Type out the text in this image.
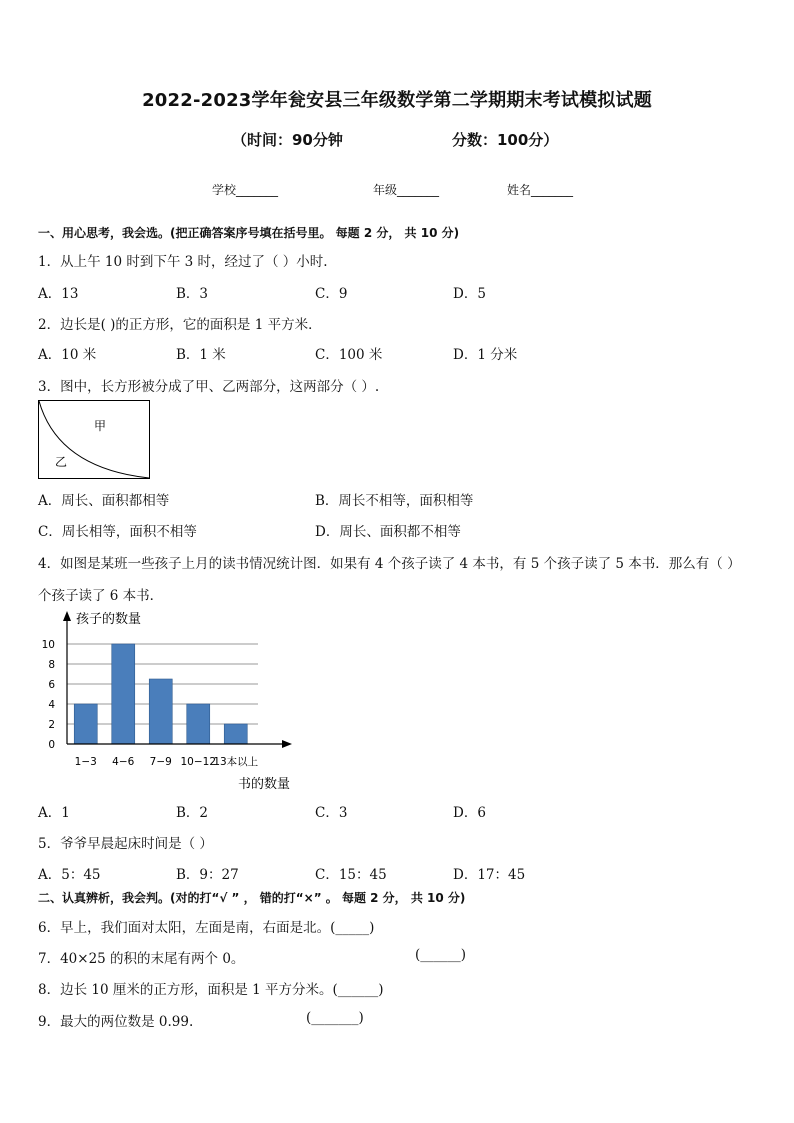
2022-2023学年瓮安县三年级数学第二学期期末考试模拟试题
（时间：90分钟	分数：100分）
学校_______	年级_______	姓名_______
一、用心思考，我会选。(把正确答案序号填在括号里。 每题 2 分， 共 10 分)
1．从上午 10 时到下午 3 时，经过了（ ）小时.
A．13	B．3	C．9	D．5
2．边长是( )的正方形，它的面积是 1 平方米．
A．10 米	B．1 米	C．100 米	D．1 分米
3．图中，长方形被分成了甲、乙两部分，这两部分（ ）.
甲
乙
A．周长、面积都相等	B．周长不相等，面积相等
C．周长相等，面积不相等	D．周长、面积都不相等
4．如图是某班一些孩子上月的读书情况统计图．如果有 4 个孩子读了 4 本书，有 5 个孩子读了 5 本书．那么有（ ）
个孩子读了 6 本书．
0
2
4
6
8
10
1−3 4−6 7−9 10−12
13本以上
孩子的数量
书的数量
A．1	B．2	C．3	D．6
5．爷爷早晨起床时间是（ ）
A．5：45	B．9：27	C．15：45	D．17：45
二、认真辨析，我会判。(对的打“√ ” ， 错的打“×” 。 每题 2 分， 共 10 分)
6．早上，我们面对太阳，左面是南，右面是北。(_____)
7．40×25 的积的末尾有两个 0。	(______)
8．边长 10 厘米的正方形，面积是 1 平方分米。(______)
9．最大的两位数是 0.99.	(_______)
